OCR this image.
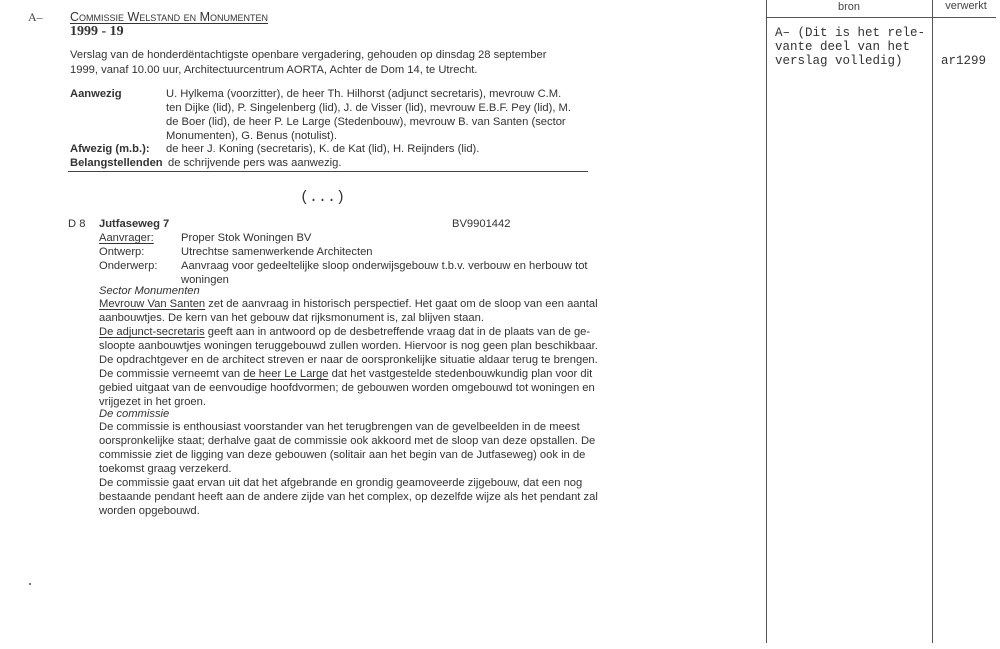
A– Commissie Welstand en Monumenten
1999 - 19
Verslag van de honderdëntachtigste openbare vergadering, gehouden op dinsdag 28 september
1999, vanaf 10.00 uur, Architectuurcentrum AORTA, Achter de Dom 14, te Utrecht.
Aanwezig	U. Hylkema (voorzitter), de heer Th. Hilhorst (adjunct secretaris), mevrouw C.M.
ten Dijke (lid), P. Singelenberg (lid), J. de Visser (lid), mevrouw E.B.F. Pey (lid), M.
de Boer (lid), de heer P. Le Large (Stedenbouw), mevrouw B. van Santen (sector
Monumenten), G. Benus (notulist).
Afwezig (m.b.): de heer J. Koning (secretaris), K. de Kat (lid), H. Reijnders (lid).
Belangstellenden de schrijvende pers was aanwezig.
(...)
D 8 Jutfaseweg 7	BV9901442
Aanvrager: Proper Stok Woningen BV
Ontwerp:	Utrechtse samenwerkende Architecten
Onderwerp: Aanvraag voor gedeeltelijke sloop onderwijsgebouw t.b.v. verbouw en herbouw tot
woningen
Sector Monumenten
Mevrouw Van Santen zet de aanvraag in historisch perspectief. Het gaat om de sloop van een aantal
aanbouwtjes. De kern van het gebouw dat rijksmonument is, zal blijven staan.
De adjunct-secretaris geeft aan in antwoord op de desbetreffende vraag dat in de plaats van de ge-
sloopte aanbouwtjes woningen teruggebouwd zullen worden. Hiervoor is nog geen plan beschikbaar.
De opdrachtgever en de architect streven er naar de oorspronkelijke situatie aldaar terug te brengen.
De commissie verneemt van de heer Le Large dat het vastgestelde stedenbouwkundig plan voor dit
gebied uitgaat van de eenvoudige hoofdvormen; de gebouwen worden omgebouwd tot woningen en
vrijgezet in het groen.
De commissie
De commissie is enthousiast voorstander van het terugbrengen van de gevelbeelden in de meest
oorspronkelijke staat; derhalve gaat de commissie ook akkoord met de sloop van deze opstallen. De
commissie ziet de ligging van deze gebouwen (solitair aan het begin van de Jutfaseweg) ook in de
toekomst graag verzekerd.
De commissie gaat ervan uit dat het afgebrande en grondig geamoveerde zijgebouw, dat een nog
bestaande pendant heeft aan de andere zijde van het complex, op dezelfde wijze als het pendant zal
worden opgebouwd.
bron	verwerkt
A– (Dit is het rele-
vante deel van het
verslag volledig)	ar1299
